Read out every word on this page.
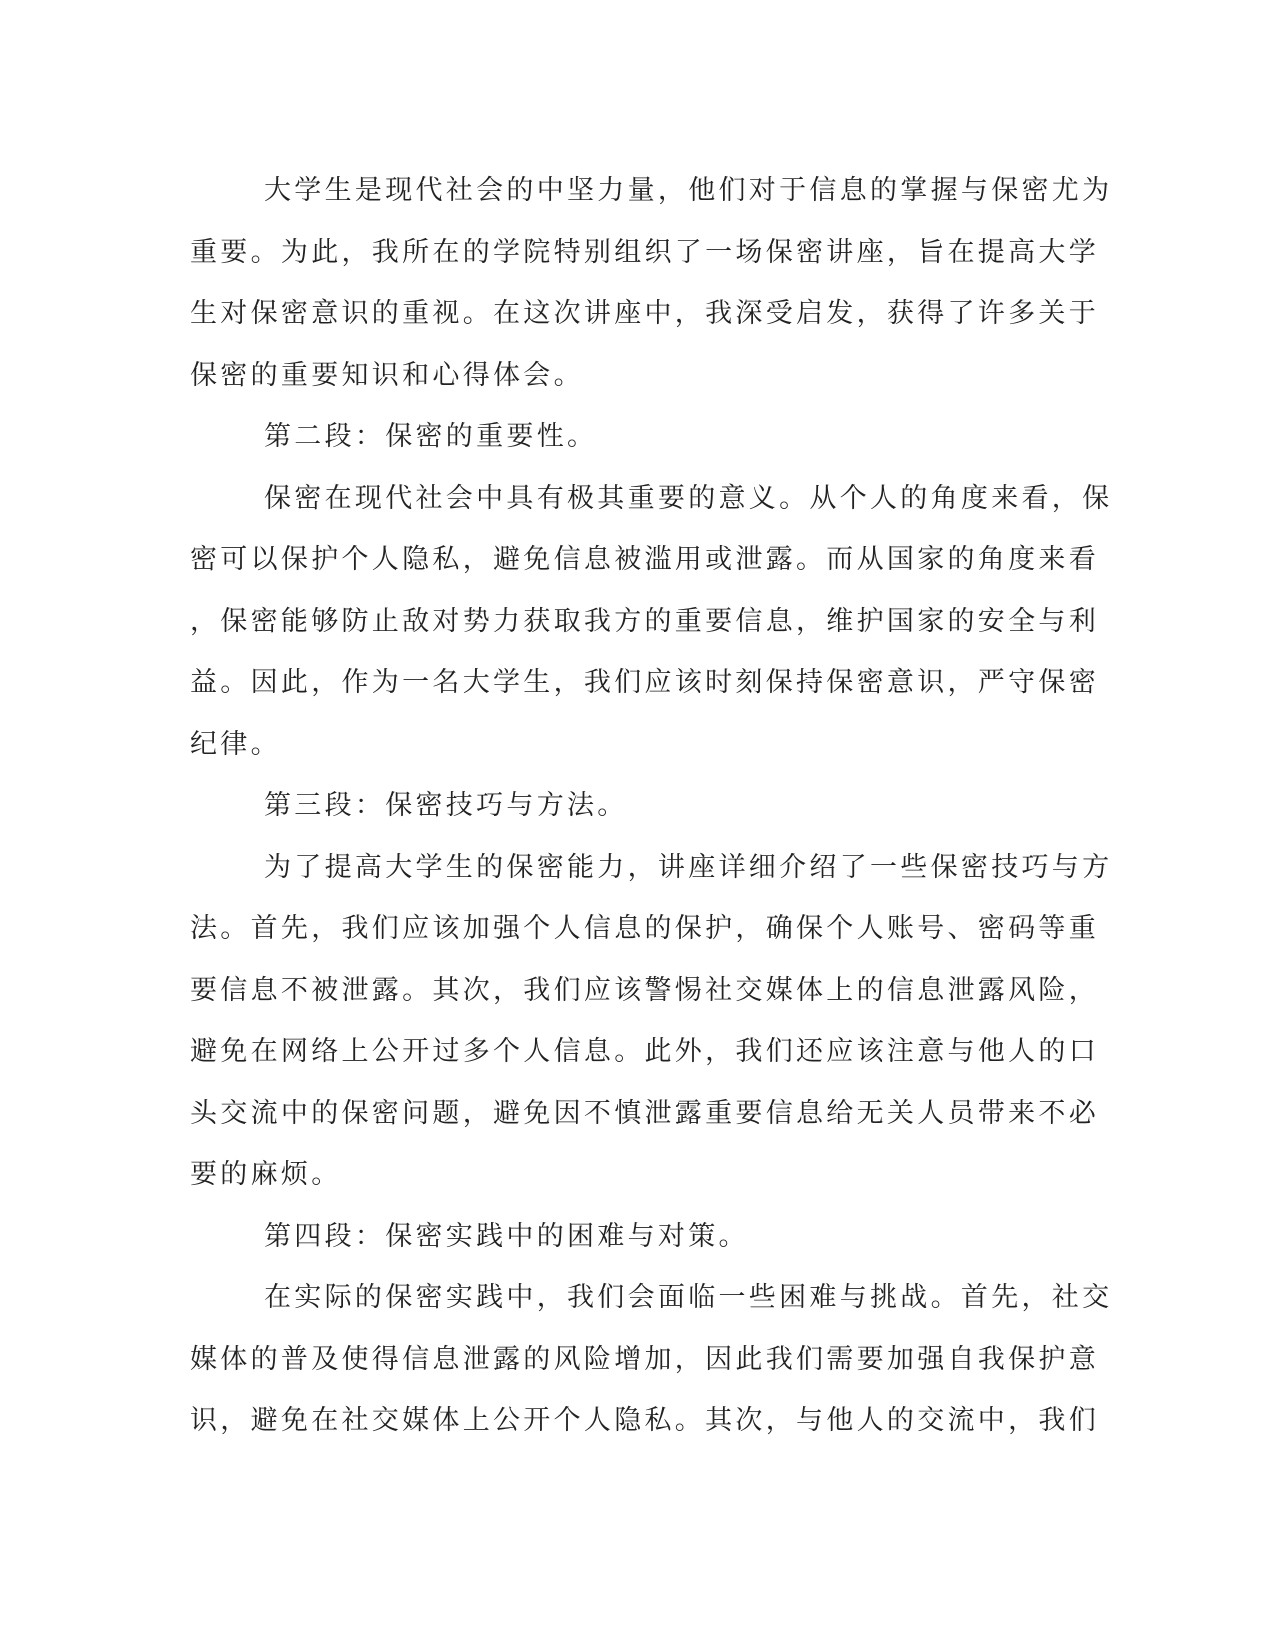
大学生是现代社会的中坚力量，他们对于信息的掌握与保密尤为
重要。为此，我所在的学院特别组织了一场保密讲座，旨在提高大学
生对保密意识的重视。在这次讲座中，我深受启发，获得了许多关于
保密的重要知识和心得体会。

第二段：保密的重要性。

保密在现代社会中具有极其重要的意义。从个人的角度来看，保
密可以保护个人隐私，避免信息被滥用或泄露。而从国家的角度来看
，保密能够防止敌对势力获取我方的重要信息，维护国家的安全与利
益。因此，作为一名大学生，我们应该时刻保持保密意识，严守保密
纪律。

第三段：保密技巧与方法。

为了提高大学生的保密能力，讲座详细介绍了一些保密技巧与方
法。首先，我们应该加强个人信息的保护，确保个人账号、密码等重
要信息不被泄露。其次，我们应该警惕社交媒体上的信息泄露风险，
避免在网络上公开过多个人信息。此外，我们还应该注意与他人的口
头交流中的保密问题，避免因不慎泄露重要信息给无关人员带来不必
要的麻烦。

第四段：保密实践中的困难与对策。

在实际的保密实践中，我们会面临一些困难与挑战。首先，社交
媒体的普及使得信息泄露的风险增加，因此我们需要加强自我保护意
识，避免在社交媒体上公开个人隐私。其次，与他人的交流中，我们
